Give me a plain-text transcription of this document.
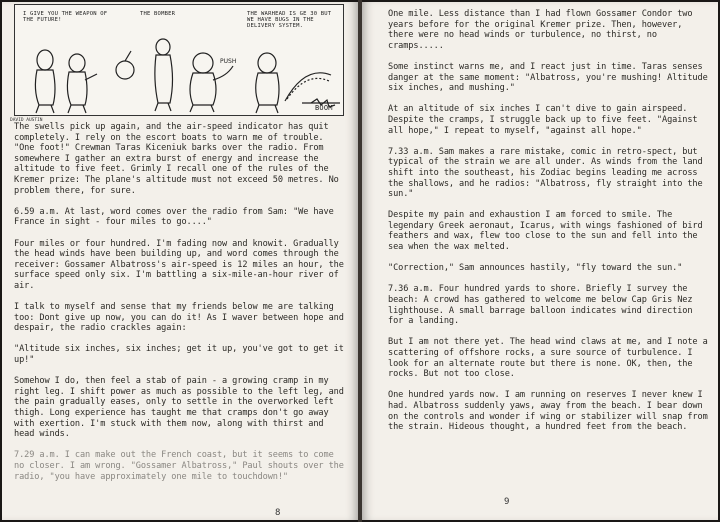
PUSH
I GIVE YOU THE WEAPON OF THE FUTURE!
THE BOMBER	THE WARHEAD IS GE 30 BUT WE HAVE BUGS IN THE DELIVERY SYSTEM.
BOOM
DAVID AUSTIN

The swells pick up again, and the air-speed indicator has quit completely. I rely on the escort boats to warn me of trouble. "One foot!" Crewman Taras Kiceniuk barks over the radio. From somewhere I gather an extra burst of energy and increase the altitude to five feet. Grimly I recall one of the rules of the Kremer prize: The plane's altitude must not exceed 50 metres. No problem there, for sure.

6.59 a.m. At last, word comes over the radio from Sam: "We have France in sight - four miles to go...."

Four miles or four hundred. I'm fading now and knowit. Gradually the head winds have been building up, and word comes through the receiver: Gossamer Albatross's air-speed is 12 miles an hour, the surface speed only six. I'm battling a six-mile-an-hour river of air.

I talk to myself and sense that my friends below me are talking too: Dont give up now, you can do it! As I waver between hope and despair, the radio crackles again:

"Altitude six inches, six inches; get it up, you've got to get it up!"

Somehow I do, then feel a stab of pain - a growing cramp in my right leg. I shift power as much as possible to the left leg, and the pain gradually eases, only to settle in the overworked left thigh. Long experience has taught me that cramps don't go away with exertion. I'm stuck with them now, along with thirst and head winds.

7.29 a.m. I can make out the French coast, but it seems to come no closer. I am wrong. "Gossamer Albatross," Paul shouts over the radio, "you have approximately one mile to touchdown!"

8

One mile. Less distance than I had flown Gossamer Condor two years before for the original Kremer prize. Then, however, there were no head winds or turbulence, no thirst, no cramps.....

Some instinct warns me, and I react just in time. Taras senses danger at the same moment: "Albatross, you're mushing! Altitude six inches, and mushing."

At an altitude of six inches I can't dive to gain airspeed. Despite the cramps, I struggle back up to five feet. "Against all hope," I repeat to myself, "against all hope."

7.33 a.m. Sam makes a rare mistake, comic in retro-spect, but typical of the strain we are all under. As winds from the land shift into the southeast, his Zodiac begins leading me across the shallows, and he radios: "Albatross, fly straight into the sun."

Despite my pain and exhaustion I am forced to smile. The legendary Greek aeronaut, Icarus, with wings fashioned of bird feathers and wax, flew too close to the sun and fell into the sea when the wax melted.

"Correction," Sam announces hastily, "fly toward the sun."

7.36 a.m. Four hundred yards to shore. Briefly I survey the beach: A crowd has gathered to welcome me below Cap Gris Nez lighthouse. A small barrage balloon indicates wind direction for a landing.

But I am not there yet. The head wind claws at me, and I note a scattering of offshore rocks, a sure source of turbulence. I look for an alternate route but there is none. OK, then, the rocks. But not too close.

One hundred yards now. I am running on reserves I never knew I had. Albatross suddenly yaws, away from the beach. I bear down on the controls and wonder if wing or stabilizer will snap from the strain. Hideous thought, a hundred feet from the beach.

9
